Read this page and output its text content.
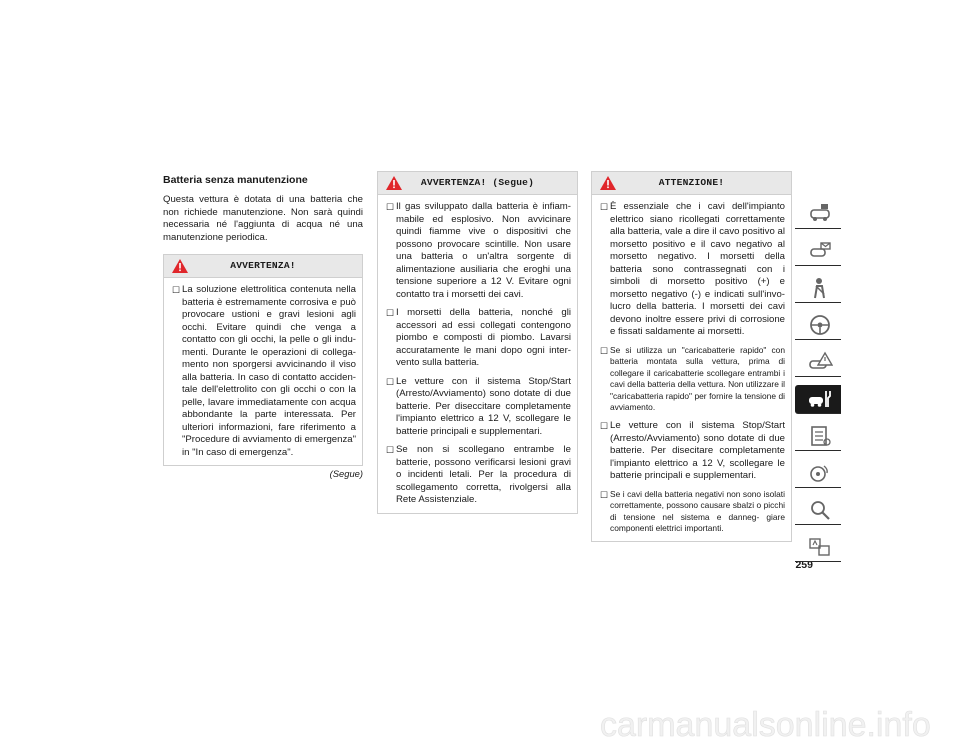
Batteria senza manutenzione

Questa vettura è dotata di una batteria che non richiede manutenzione. Non sarà quindi necessaria né l'aggiunta di acqua né una manutenzione periodica.

AVVERTENZA!
☐ La soluzione elettrolitica contenuta nella batteria è estremamente corrosiva e può provocare ustioni e gravi lesioni agli occhi. Evitare quindi che venga a contatto con gli occhi, la pelle o gli indu- menti. Durante le operazioni di collega- mento non sporgersi avvicinando il viso alla batteria. In caso di contatto acciden- tale dell'elettrolito con gli occhi o con la pelle, lavare immediatamente con acqua abbondante la parte interessata. Per ulteriori informazioni, fare riferimento a "Procedure di avviamento di emergenza" in "In caso di emergenza".
(Segue)
AVVERTENZA! (Segue)
☐ Il gas sviluppato dalla batteria è infiam- mabile ed esplosivo. Non avvicinare quindi fiamme vive o dispositivi che possono provocare scintille. Non usare una batteria o un'altra sorgente di alimentazione ausiliaria che eroghi una tensione superiore a 12 V. Evitare ogni contatto tra i morsetti dei cavi.
☐ I morsetti della batteria, nonché gli accessori ad essi collegati contengono piombo e composti di piombo. Lavarsi accuratamente le mani dopo ogni inter- vento sulla batteria.
☐ Le vetture con il sistema Stop/Start (Arresto/Avviamento) sono dotate di due batterie. Per diseccitare completamente l'impianto elettrico a 12 V, scollegare le batterie principali e supplementari.
☐ Se non si scollegano entrambe le batterie, possono verificarsi lesioni gravi o incidenti letali. Per la procedura di scollegamento corretta, rivolgersi alla Rete Assistenziale.
ATTENZIONE!
☐ È essenziale che i cavi dell'impianto elettrico siano ricollegati correttamente alla batteria, vale a dire il cavo positivo al morsetto positivo e il cavo negativo al morsetto negativo. I morsetti della batteria sono contrassegnati con i simboli di morsetto positivo (+) e morsetto negativo (-) e indicati sull'invo- lucro della batteria. I morsetti dei cavi devono inoltre essere privi di corrosione e fissati saldamente ai morsetti.
☐ Se si utilizza un "caricabatterie rapido" con batteria montata sulla vettura, prima di collegare il caricabatterie scollegare entrambi i cavi della batteria della vettura. Non utilizzare il "caricabatteria rapido" per fornire la tensione di avviamento.
☐ Le vetture con il sistema Stop/Start (Arresto/Avviamento) sono dotate di due batterie. Per disecitare completamente l'impianto elettrico a 12 V, scollegare le batterie principali e supplementari.
☐ Se i cavi della batteria negativi non sono isolati correttamente, possono causare sbalzi o picchi di tensione nel sistema e danneg- giare componenti elettrici importanti.
259
carmanualsonline.info
